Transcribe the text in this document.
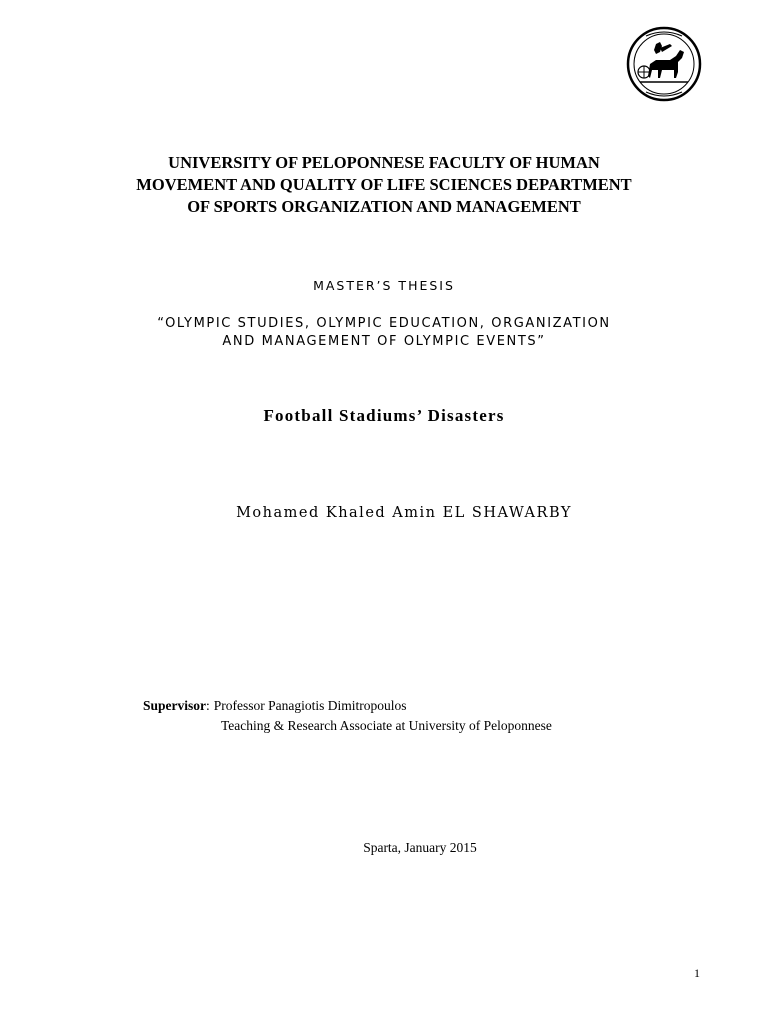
UNIVERSITY OF PELOPONNESE FACULTY OF HUMAN
MOVEMENT AND QUALITY OF LIFE SCIENCES DEPARTMENT
OF SPORTS ORGANIZATION AND MANAGEMENT
MASTER’S THESIS
“OLYMPIC STUDIES, OLYMPIC EDUCATION, ORGANIZATION
AND MANAGEMENT OF OLYMPIC EVENTS”
Football Stadiums’ Disasters
Mohamed Khaled Amin EL SHAWARBY
Supervisor : Professor Panagiotis Dimitropoulos
Teaching & Research Associate at University of Peloponnese
Sparta, January 2015
1
